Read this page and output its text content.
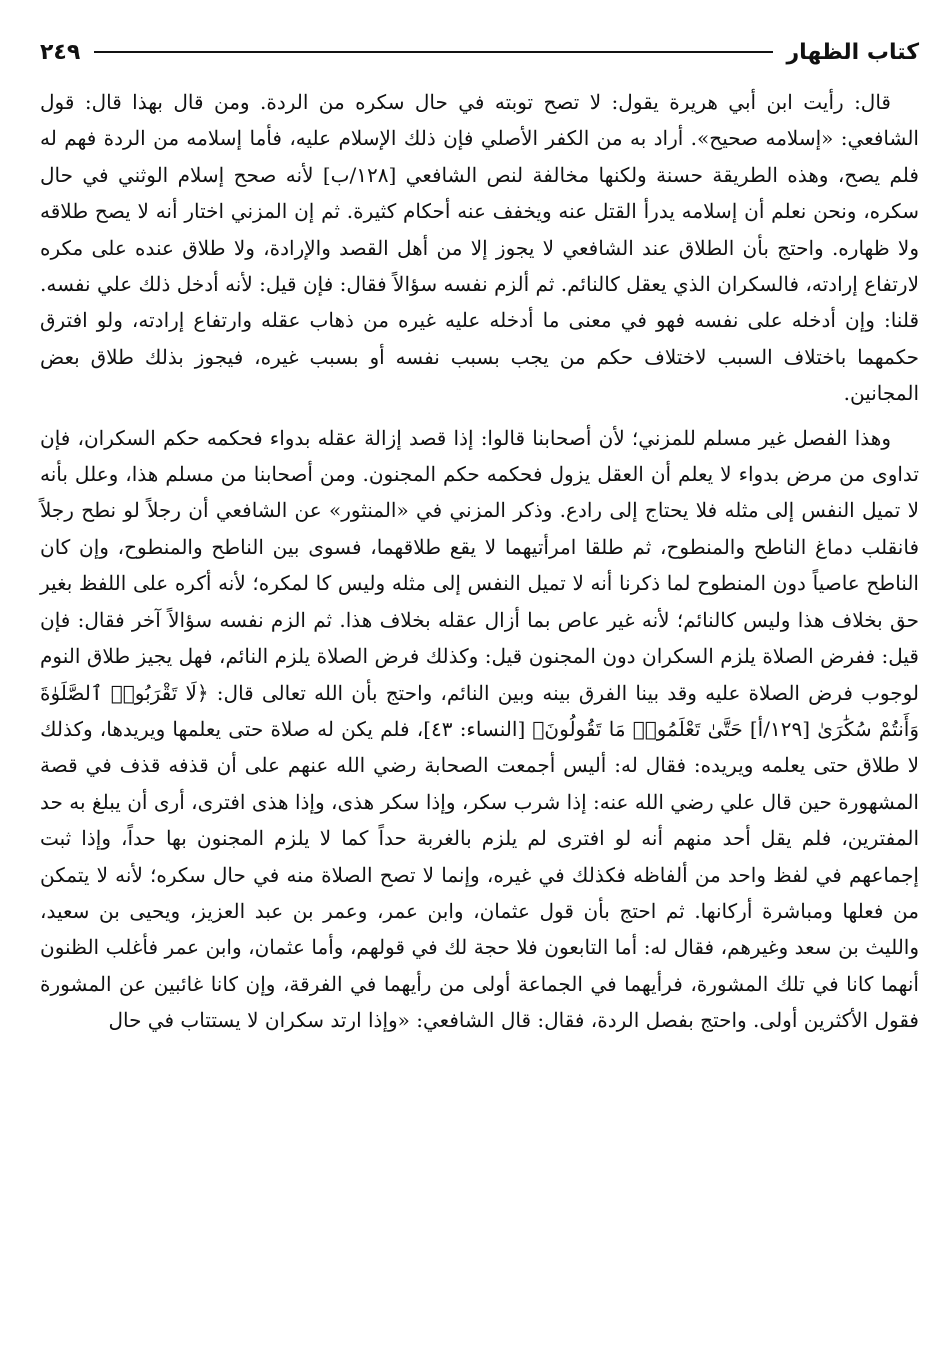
كتاب الظهار
٢٤٩

قال: رأيت ابن أبي هريرة يقول: لا تصح توبته في حال سكره من الردة. ومن قال بهذا قال: قول الشافعي: «إسلامه صحيح». أراد به من الكفر الأصلي فإن ذلك الإسلام عليه، فأما إسلامه من الردة فهم له فلم يصح، وهذه الطريقة حسنة ولكنها مخالفة لنص الشافعي [١٢٨/ب] لأنه صحح إسلام الوثني في حال سكره، ونحن نعلم أن إسلامه يدرأ القتل عنه ويخفف عنه أحكام كثيرة. ثم إن المزني اختار أنه لا يصح طلاقه ولا ظهاره. واحتج بأن الطلاق عند الشافعي لا يجوز إلا من أهل القصد والإرادة، ولا طلاق عنده على مكره لارتفاع إرادته، فالسكران الذي يعقل كالنائم. ثم ألزم نفسه سؤالاً فقال: فإن قيل: لأنه أدخل ذلك علي نفسه. قلنا: وإن أدخله على نفسه فهو في معنى ما أدخله عليه غيره من ذهاب عقله وارتفاع إرادته، ولو افترق حكمهما باختلاف السبب لاختلاف حكم من يجب بسبب نفسه أو بسبب غيره، فيجوز بذلك طلاق بعض المجانين.

وهذا الفصل غير مسلم للمزني؛ لأن أصحابنا قالوا: إذا قصد إزالة عقله بدواء فحكمه حكم السكران، فإن تداوى من مرض بدواء لا يعلم أن العقل يزول فحكمه حكم المجنون. ومن أصحابنا من مسلم هذا، وعلل بأنه لا تميل النفس إلى مثله فلا يحتاج إلى رادع. وذكر المزني في «المنثور» عن الشافعي أن رجلاً لو نطح رجلاً فانقلب دماغ الناطح والمنطوح، ثم طلقا امرأتيهما لا يقع طلاقهما، فسوى بين الناطح والمنطوح، وإن كان الناطح عاصياً دون المنطوح لما ذكرنا أنه لا تميل النفس إلى مثله وليس كا لمكره؛ لأنه أكره على اللفظ بغير حق بخلاف هذا وليس كالنائم؛ لأنه غير عاص بما أزال عقله بخلاف هذا. ثم الزم نفسه سؤالاً آخر فقال: فإن قيل: ففرض الصلاة يلزم السكران دون المجنون قيل: وكذلك فرض الصلاة يلزم النائم، فهل يجيز طلاق النوم لوجوب فرض الصلاة عليه وقد بينا الفرق بينه وبين النائم، واحتج بأن الله تعالى قال: ﴿لَا تَقْرَبُوا۟ ٱلصَّلَوٰةَ وَأَنتُمْ سُكَٰرَىٰ [١٢٩/أ] حَتَّىٰ تَعْلَمُوا۟ مَا تَقُولُونَ﴾ [النساء: ٤٣]، فلم يكن له صلاة حتى يعلمها ويريدها، وكذلك لا طلاق حتى يعلمه ويريده: فقال له: أليس أجمعت الصحابة رضي الله عنهم على أن قذفه قذف في قصة المشهورة حين قال علي رضي الله عنه: إذا شرب سكر، وإذا سكر هذى، وإذا هذى افترى، أرى أن يبلغ به حد المفترين، فلم يقل أحد منهم أنه لو افترى لم يلزم بالغربة حداً كما لا يلزم المجنون بها حداً، وإذا ثبت إجماعهم في لفظ واحد من ألفاظه فكذلك في غيره، وإنما لا تصح الصلاة منه في حال سكره؛ لأنه لا يتمكن من فعلها ومباشرة أركانها. ثم احتج بأن قول عثمان، وابن عمر، وعمر بن عبد العزيز، ويحيى بن سعيد، والليث بن سعد وغيرهم، فقال له: أما التابعون فلا حجة لك في قولهم، وأما عثمان، وابن عمر فأغلب الظنون أنهما كانا في تلك المشورة، فرأيهما في الجماعة أولى من رأيهما في الفرقة، وإن كانا غائبين عن المشورة فقول الأكثرين أولى. واحتج بفصل الردة، فقال: قال الشافعي: «وإذا ارتد سكران لا يستتاب في حال
